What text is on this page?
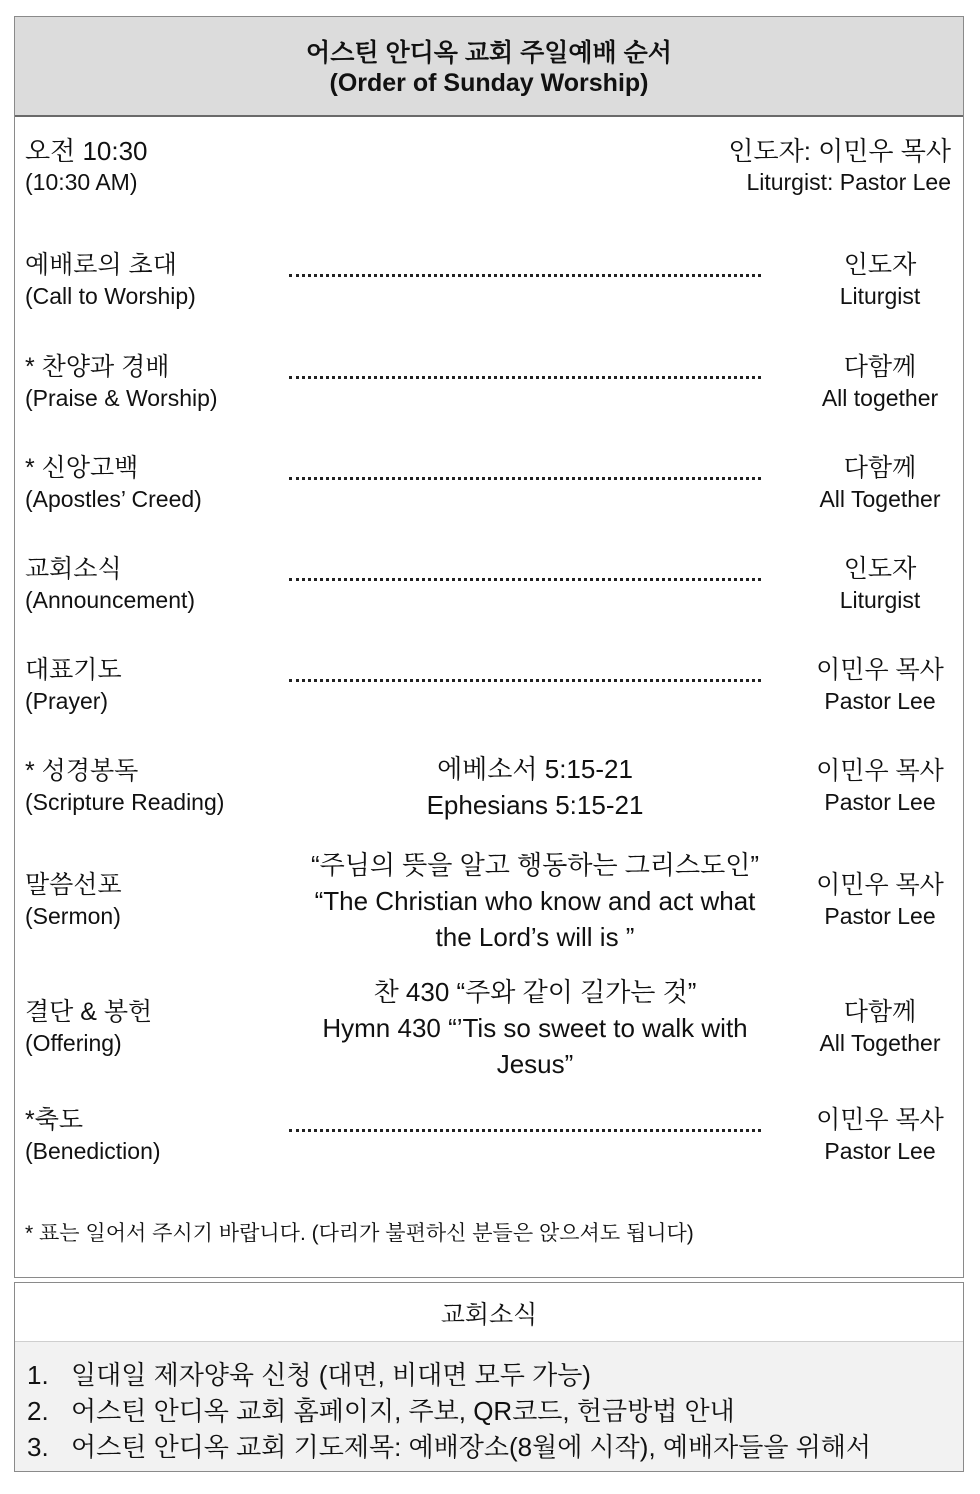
어스틴 안디옥 교회 주일예배 순서
(Order of Sunday Worship)
오전 10:30
(10:30 AM)
인도자: 이민우 목사
Liturgist: Pastor Lee
예배로의 초대
(Call to Worship)
인도자
Liturgist
* 찬양과 경배
(Praise & Worship)
다함께
All together
* 신앙고백
(Apostles’ Creed)
다함께
All Together
교회소식
(Announcement)
인도자
Liturgist
대표기도
(Prayer)
이민우 목사
Pastor Lee
* 성경봉독
(Scripture Reading)
에베소서 5:15-21
Ephesians 5:15-21
이민우 목사
Pastor Lee
말씀선포
(Sermon)
“주님의 뜻을 알고 행동하는 그리스도인”
“The Christian who know and act what
the Lord’s will is ”
이민우 목사
Pastor Lee
결단 & 봉헌
(Offering)
찬 430 “주와 같이 길가는 것”
Hymn 430 “’Tis so sweet to walk with
Jesus”
다함께
All Together
*축도
(Benediction)
이민우 목사
Pastor Lee
* 표는 일어서 주시기 바랍니다. (다리가 불편하신 분들은 앉으셔도 됩니다)
교회소식
1. 일대일 제자양육 신청 (대면, 비대면 모두 가능)
2. 어스틴 안디옥 교회 홈페이지, 주보, QR코드, 헌금방법 안내
3. 어스틴 안디옥 교회 기도제목: 예배장소(8월에 시작), 예배자들을 위해서
